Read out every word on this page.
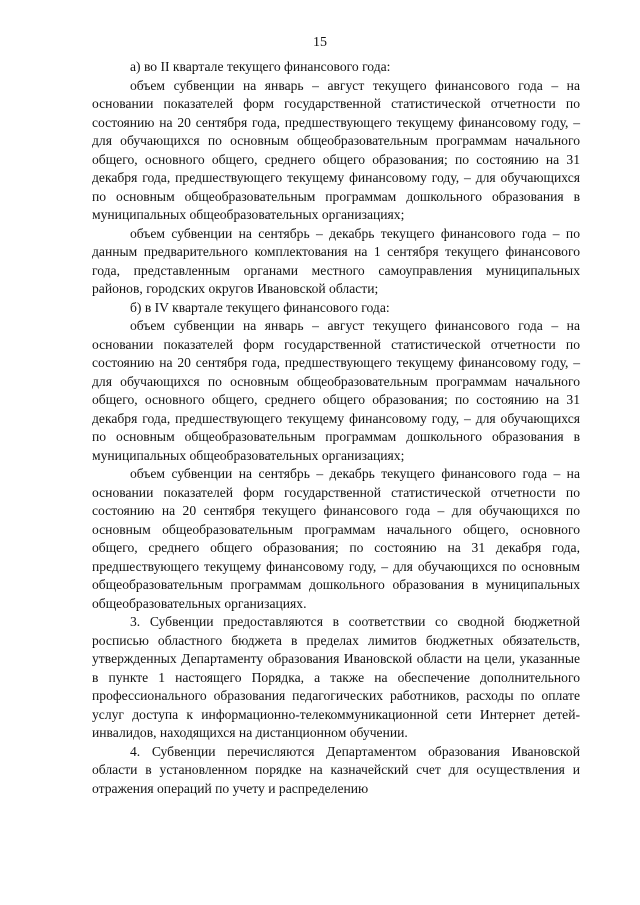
15

а) во II квартале текущего финансового года:

объем субвенции на январь – август текущего финансового года – на основании показателей форм государственной статистической отчетности по состоянию на 20 сентября года, предшествующего текущему финансовому году, – для обучающихся по основным общеобразовательным программам начального общего, основного общего, среднего общего образования; по состоянию на 31 декабря года, предшествующего текущему финансовому году, – для обучающихся по основным общеобразовательным программам дошкольного образования в муниципальных общеобразовательных организациях;

объем субвенции на сентябрь – декабрь текущего финансового года – по данным предварительного комплектования на 1 сентября текущего финансового года, представленным органами местного самоуправления муниципальных районов, городских округов Ивановской области;

б) в IV квартале текущего финансового года:

объем субвенции на январь – август текущего финансового года – на основании показателей форм государственной статистической отчетности по состоянию на 20 сентября года, предшествующего текущему финансовому году, – для обучающихся по основным общеобразовательным программам начального общего, основного общего, среднего общего образования; по состоянию на 31 декабря года, предшествующего текущему финансовому году, – для обучающихся по основным общеобразовательным программам дошкольного образования в муниципальных общеобразовательных организациях;

объем субвенции на сентябрь – декабрь текущего финансового года – на основании показателей форм государственной статистической отчетности по состоянию на 20 сентября текущего финансового года – для обучающихся по основным общеобразовательным программам начального общего, основного общего, среднего общего образования; по состоянию на 31 декабря года, предшествующего текущему финансовому году, – для обучающихся по основным общеобразовательным программам дошкольного образования в муниципальных общеобразовательных организациях.

3. Субвенции предоставляются в соответствии со сводной бюджетной росписью областного бюджета в пределах лимитов бюджетных обязательств, утвержденных Департаменту образования Ивановской области на цели, указанные в пункте 1 настоящего Порядка, а также на обеспечение дополнительного профессионального образования педагогических работников, расходы по оплате услуг доступа к информационно-телекоммуникационной сети Интернет детей-инвалидов, находящихся на дистанционном обучении.

4. Субвенции перечисляются Департаментом образования Ивановской области в установленном порядке на казначейский счет для осуществления и отражения операций по учету и распределению
